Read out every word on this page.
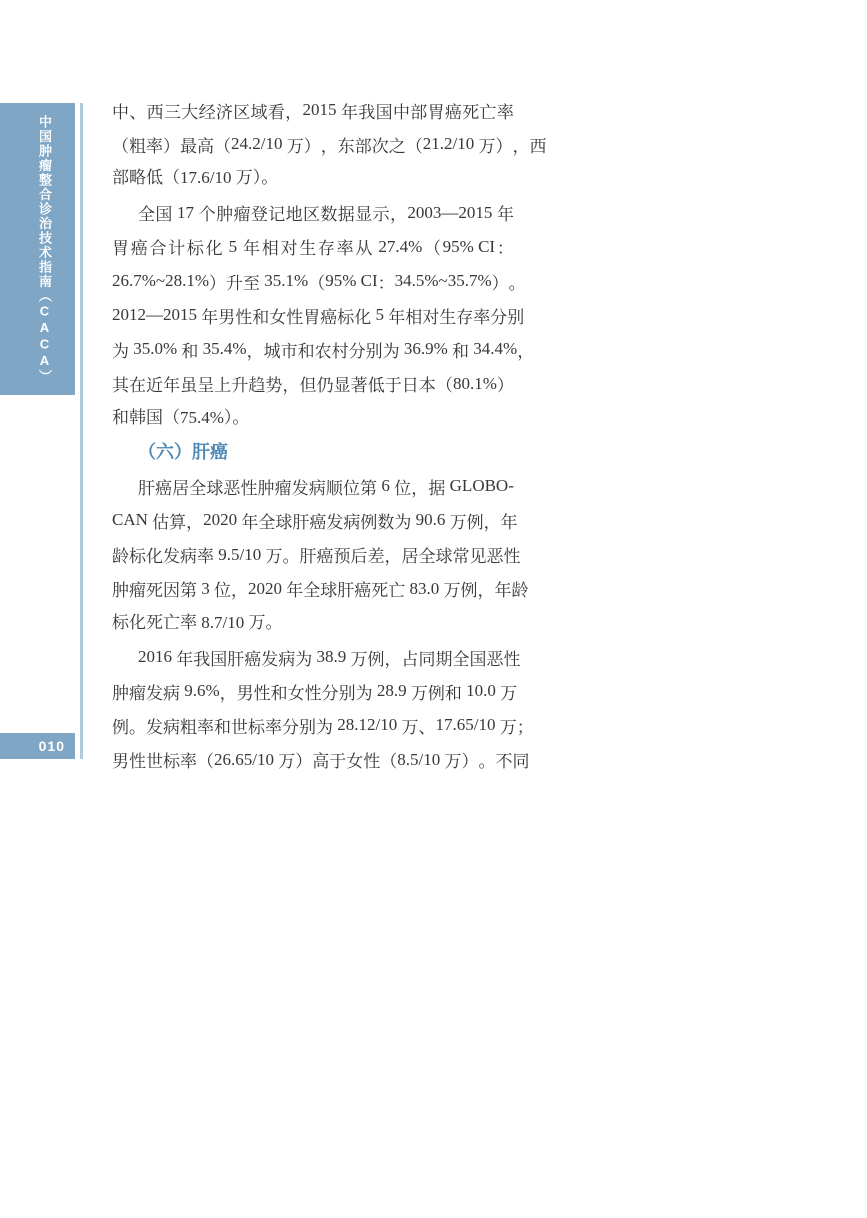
中国肿瘤整合诊治技术指南（CACA）
010
中 、 西 三 大 经 济 区 域 看 ， 2015 年 我 国 中 部 胃 癌 死 亡 率
（ 粗 率 ） 最 高 （ 24.2/10 万 ） ， 东 部 次 之 （ 21.2/10 万 ） ， 西
部略低（17.6/10 万）。
全 国 17 个 肿 瘤 登 记 地 区 数 据 显 示 ， 2003—2015 年
胃 癌 合 计 标 化 5 年 相 对 生 存 率 从 27.4% （ 95% CI ：
26.7%~28.1% ） 升 至 35.1% （ 95% CI ： 34.5%~35.7% ） 。
2012—2015 年 男 性 和 女 性 胃 癌 标 化 5 年 相 对 生 存 率 分 别
为 35.0% 和 35.4% ， 城 市 和 农 村 分 别 为 36.9% 和 34.4% ，
其 在 近 年 虽 呈 上 升 趋 势 ， 但 仍 显 著 低 于 日 本 （ 80.1% ）
和韩国（75.4%）。
（六）肝癌
肝 癌 居 全 球 恶 性 肿 瘤 发 病 顺 位 第 6 位 ， 据 GLOBO-
CAN 估 算 ， 2020 年 全 球 肝 癌 发 病 例 数 为 90.6 万 例 ， 年
龄 标 化 发 病 率 9.5/10 万 。 肝 癌 预 后 差 ， 居 全 球 常 见 恶 性
肿 瘤 死 因 第 3 位 ， 2020 年 全 球 肝 癌 死 亡 83.0 万 例 ， 年 龄
标化死亡率 8.7/10 万。
2016 年 我 国 肝 癌 发 病 为 38.9 万 例 ， 占 同 期 全 国 恶 性
肿 瘤 发 病 9.6% ， 男 性 和 女 性 分 别 为 28.9 万 例 和 10.0 万
例 。 发 病 粗 率 和 世 标 率 分 别 为 28.12/10 万 、 17.65/10 万 ；
男 性 世 标 率 （ 26.65/10 万 ） 高 于 女 性 （ 8.5/10 万 ） 。 不 同
